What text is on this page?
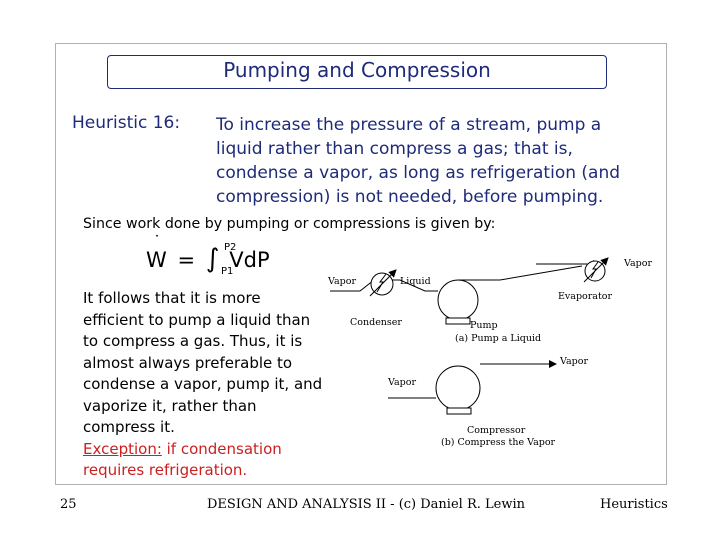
Pumping and Compression
Heuristic 16: To increase the pressure of a stream, pump a
liquid rather than compress a gas; that is,
condense a vapor, as long as refrigeration (and
compression) is not needed, before pumping.
Since work done by pumping or compressions is given by:
W
˙
= ∫ VdP
P2
P1
It follows that it is more
efficient to pump a liquid than
to compress a gas. Thus, it is
almost always preferable to
condense a vapor, pump it, and
vaporize it, rather than
compress it.
Exception: if condensation
requires refrigeration.
Vapor	Liquid
Vapor
Condenser	Pump
(a) Pump a Liquid
Evaporator
Vapor
Vapor
Compressor
(b) Compress the Vapor
25	DESIGN AND ANALYSIS II - (c) Daniel R. Lewin	Heuristics
